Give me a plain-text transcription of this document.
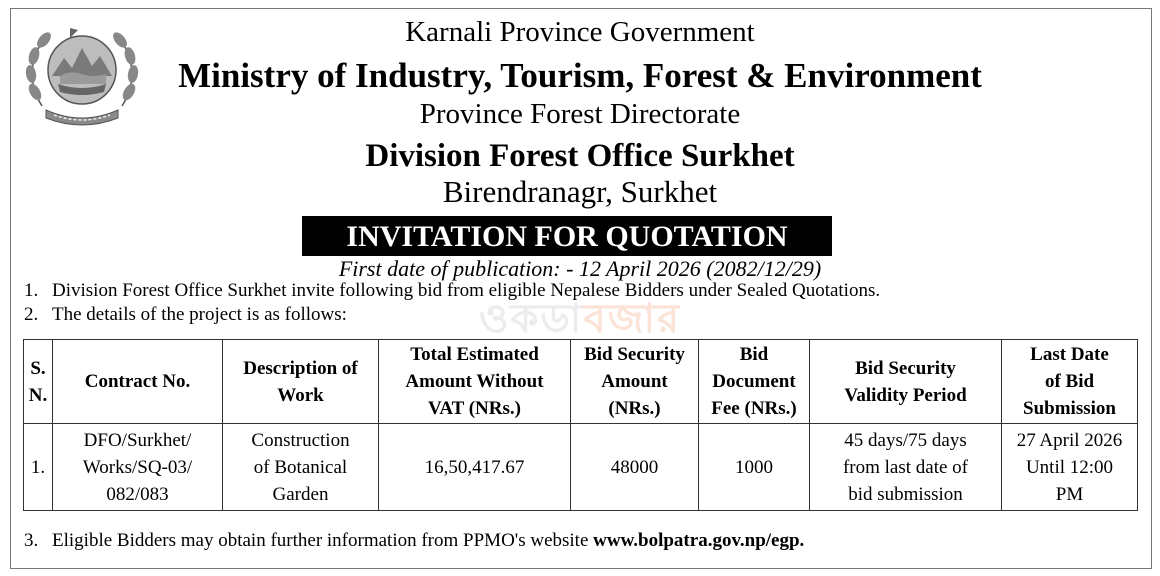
Karnali Province Government
Ministry of Industry, Tourism, Forest & Environment
Province Forest Directorate
Division Forest Office Surkhet
Birendranagr, Surkhet
INVITATION FOR QUOTATION
First date of publication: - 12 April 2026 (2082/12/29)
ওকডাবজার
1. Division Forest Office Surkhet invite following bid from eligible Nepalese Bidders under Sealed Quotations.
2. The details of the project is as follows:
S.
N.	Contract No.	Description of
Work	Total Estimated
Amount Without
VAT (NRs.)	Bid Security
Amount
(NRs.)	Bid
Document
Fee (NRs.)	Bid Security
Validity Period	Last Date
of Bid
Submission

1.	DFO/Surkhet/
Works/SQ-03/
082/083	Construction
of Botanical
Garden	16,50,417.67	48000	1000	45 days/75 days
from last date of
bid submission	27 April 2026
Until 12:00
PM
3. Eligible Bidders may obtain further information from PPMO's website www.bolpatra.gov.np/egp.
